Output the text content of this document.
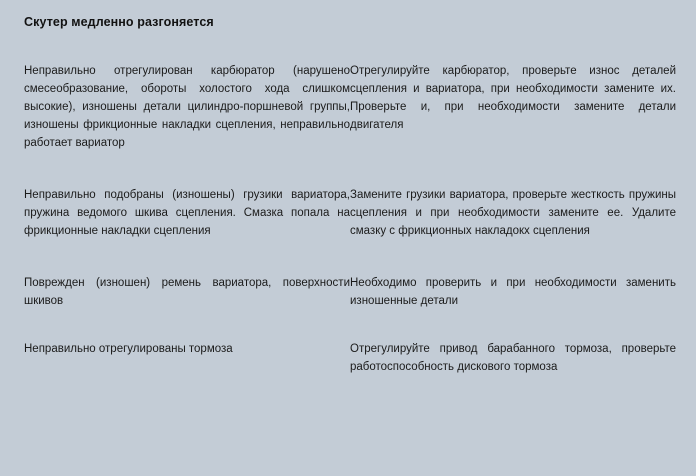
Скутер медленно разгоняется

Неправильно отрегулирован карбюратор (нарушено смесеобразование, обороты холостого хода слишком высокие), изношены детали цилиндро-поршневой группы, изношены фрикционные накладки сцепления, неправильно работает вариатор	Отрегулируйте карбюратор, проверьте износ деталей сцепления и вариатора, при необходимости замените их. Проверьте и, при необходимости замените детали двигателя

Неправильно подобраны (изношены) грузики вариатора, пружина ведомого шкива сцепления. Смазка попала на фрикционные накладки сцепления	Замените грузики вариатора, проверьте жесткость пружины сцепления и при необходимости замените ее. Удалите смазку с фрикционных накладокх сцепления

Поврежден (изношен) ремень вариатора, поверхности шкивов	Необходимо проверить и при необходимости заменить изношенные детали

Неправильно отрегулированы тормоза	Отрегулируйте привод барабанного тормоза, проверьте работоспособность дискового тормоза
